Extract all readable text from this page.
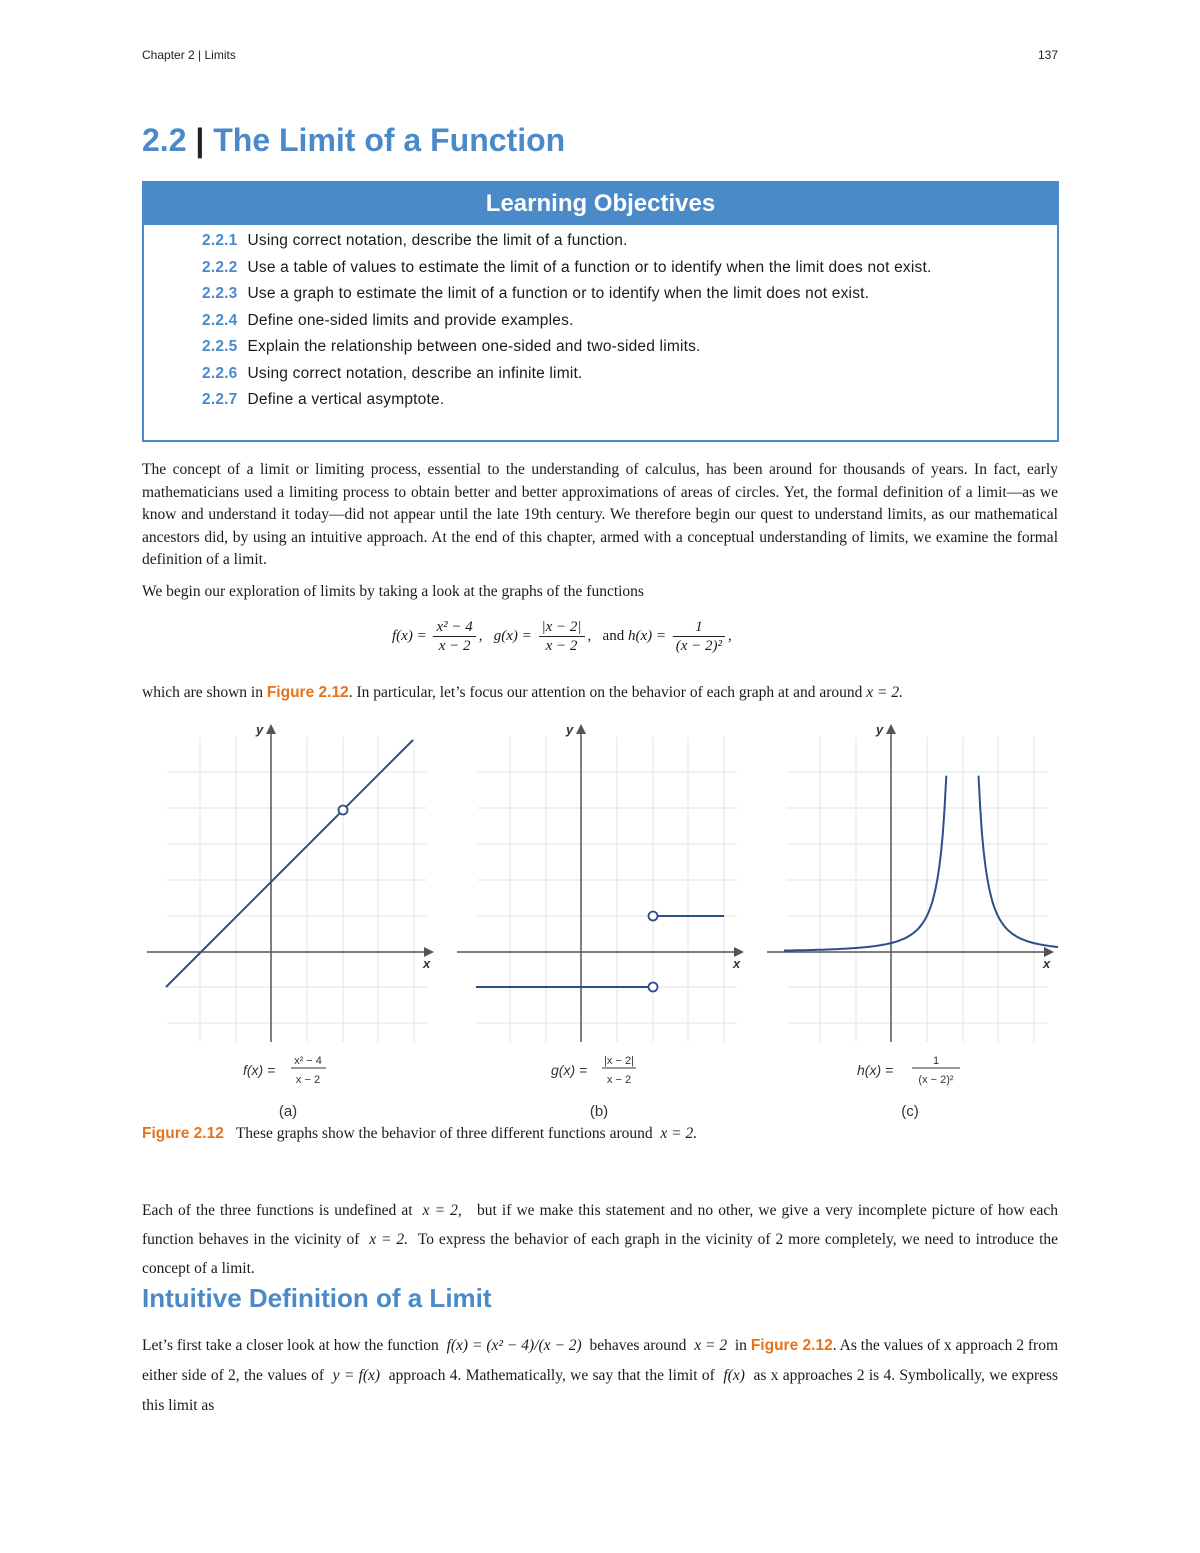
Chapter 2 | Limits	137
2.2 | The Limit of a Function
Learning Objectives
2.2.1 Using correct notation, describe the limit of a function.
2.2.2 Use a table of values to estimate the limit of a function or to identify when the limit does not exist.
2.2.3 Use a graph to estimate the limit of a function or to identify when the limit does not exist.
2.2.4 Define one-sided limits and provide examples.
2.2.5 Explain the relationship between one-sided and two-sided limits.
2.2.6 Using correct notation, describe an infinite limit.
2.2.7 Define a vertical asymptote.

The concept of a limit or limiting process, essential to the understanding of calculus, has been around for thousands of years. In fact, early mathematicians used a limiting process to obtain better and better approximations of areas of circles. Yet, the formal definition of a limit—as we know and understand it today—did not appear until the late 19th century. We therefore begin our quest to understand limits, as our mathematical ancestors did, by using an intuitive approach. At the end of this chapter, armed with a conceptual understanding of limits, we examine the formal definition of a limit.

We begin our exploration of limits by taking a look at the graphs of the functions

$f(x) = \frac{\text{x² − 4}}{x - 2}$ ,   $g(x) = \frac{|x - 2|}{x - 2}$ ,   and $h(x) = \frac{1}{\text{(x − 2)²}}$ ,

which are shown in Figure 2.12. In particular, let’s focus our attention on the behavior of each graph at and around x = 2.

x
y
f(x) =
x² − 4
x − 2
(a)
x
y
g(x) =
|x − 2|
x − 2
(b)
x
y
h(x) =
1
(x − 2)²
(c)
Figure 2.12 These graphs show the behavior of three different functions around x = 2.

Each of the three functions is undefined at x = 2, but if we make this statement and no other, we give a very incomplete picture of how each function behaves in the vicinity of x = 2. To express the behavior of each graph in the vicinity of 2 more completely, we need to introduce the concept of a limit.

Intuitive Definition of a Limit

Let’s first take a closer look at how the function f(x) = (x² − 4)/(x − 2) behaves around x = 2 in Figure 2.12. As the values of x approach 2 from either side of 2, the values of y = f(x) approach 4. Mathematically, we say that the limit of f(x) as x approaches 2 is 4. Symbolically, we express this limit as
